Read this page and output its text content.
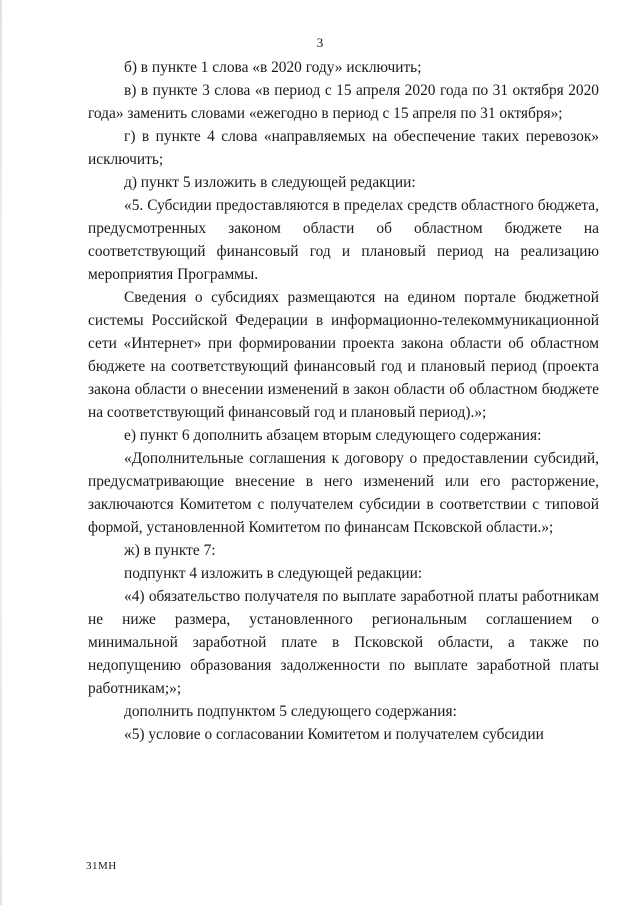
3

б) в пункте 1 слова «в 2020 году» исключить;

в) в пункте 3 слова «в период с 15 апреля 2020 года по 31 октября 2020 года» заменить словами «ежегодно в период с 15 апреля по 31 октября»;

г) в пункте 4 слова «направляемых на обеспечение таких перевозок» исключить;

д) пункт 5 изложить в следующей редакции:

«5. Субсидии предоставляются в пределах средств областного бюджета, предусмотренных законом области об областном бюджете на соответствующий финансовый год и плановый период на реализацию мероприятия Программы.

Сведения о субсидиях размещаются на едином портале бюджетной системы Российской Федерации в информационно-телекоммуникационной сети «Интернет» при формировании проекта закона области об областном бюджете на соответствующий финансовый год и плановый период (проекта закона области о внесении изменений в закон области об областном бюджете на соответствующий финансовый год и плановый период).»;

е) пункт 6 дополнить абзацем вторым следующего содержания:

«Дополнительные соглашения к договору о предоставлении субсидий, предусматривающие внесение в него изменений или его расторжение, заключаются Комитетом с получателем субсидии в соответствии с типовой формой, установленной Комитетом по финансам Псковской области.»;

ж) в пункте 7:

подпункт 4 изложить в следующей редакции:

«4) обязательство получателя по выплате заработной платы работникам не ниже размера, установленного региональным соглашением о минимальной заработной плате в Псковской области, а также по недопущению образования задолженности по выплате заработной платы работникам;»;

дополнить подпунктом 5 следующего содержания:

«5) условие о согласовании Комитетом и получателем субсидии

31МН
